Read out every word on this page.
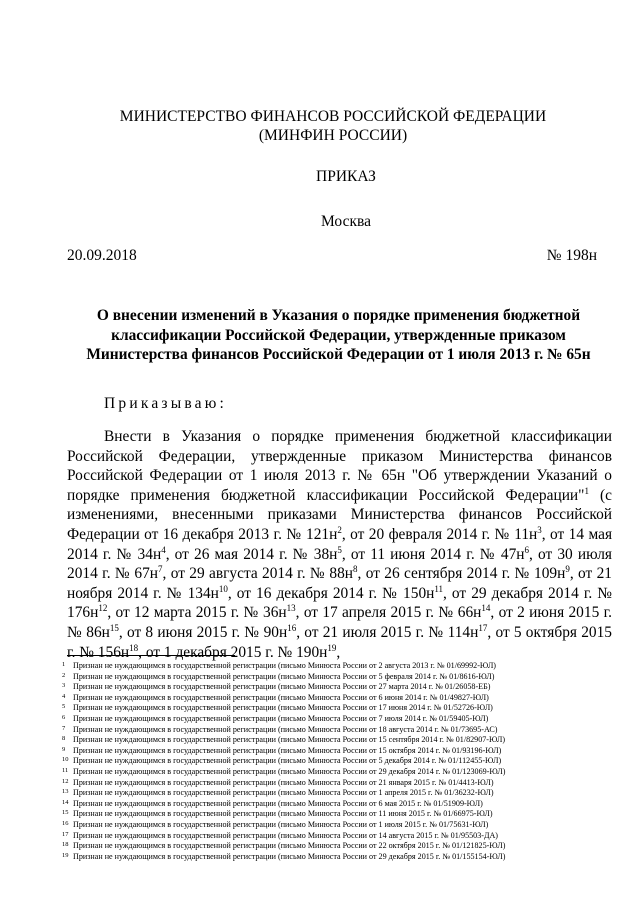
МИНИСТЕРСТВО ФИНАНСОВ РОССИЙСКОЙ ФЕДЕРАЦИИ
(МИНФИН РОССИИ)
ПРИКАЗ
Москва
20.09.2018	№ 198н
О внесении изменений в Указания о порядке применения бюджетной
классификации Российской Федерации, утвержденные приказом
Министерства финансов Российской Федерации от 1 июля 2013 г. № 65н
Приказываю:
Внести в Указания о порядке применения бюджетной классификации Российской Федерации, утвержденные приказом Министерства финансов Российской Федерации от 1 июля 2013 г. № 65н "Об утверждении Указаний о порядке применения бюджетной классификации Российской Федерации"$^1$ (с изменениями, внесенными приказами Министерства финансов Российской Федерации от 16 декабря 2013 г. № $121н^2$, от 20 февраля 2014 г. № $11н^3$, от 14 мая 2014 г. № $34н^4$, от 26 мая 2014 г. № $38н^5$, от 11 июня 2014 г. № $47н^6$, от 30 июля 2014 г. № $67н^7$, от 29 августа 2014 г. № $88н^8$, от 26 сентября 2014 г. № $109н^9$, от 21 ноября 2014 г. № $134н^{10}$, от 16 декабря 2014 г. № $150н^{11}$, от 29 декабря 2014 г. № $176н^{12}$, от 12 марта 2015 г. № $36н^{13}$, от 17 апреля 2015 г. № $66н^{14}$, от 2 июня 2015 г. № $86н^{15}$, от 8 июня 2015 г. № $90н^{16}$, от 21 июля 2015 г. № $114н^{17}$, от 5 октября 2015 г. № $156н^{18}$, от 1 декабря 2015 г. № $190н^{19}$,
1 Признан не нуждающимся в государственной регистрации (письмо Минюста России от 2 августа 2013 г. № 01/69992-ЮЛ)
2 Признан не нуждающимся в государственной регистрации (письмо Минюста России от 5 февраля 2014 г. № 01/8616-ЮЛ)
3 Признан не нуждающимся в государственной регистрации (письмо Минюста России от 27 марта 2014 г. № 01/26058-ЕБ)
4 Признан не нуждающимся в государственной регистрации (письмо Минюста России от 6 июня 2014 г. № 01/49827-ЮЛ)
5 Признан не нуждающимся в государственной регистрации (письмо Минюста России от 17 июня 2014 г. № 01/52726-ЮЛ)
6 Признан не нуждающимся в государственной регистрации (письмо Минюста России от 7 июля 2014 г. № 01/59405-ЮЛ)
7 Признан не нуждающимся в государственной регистрации (письмо Минюста России от 18 августа 2014 г. № 01/73695-АС)
8 Признан не нуждающимся в государственной регистрации (письмо Минюста России от 15 сентября 2014 г. № 01/82907-ЮЛ)
9 Признан не нуждающимся в государственной регистрации (письмо Минюста России от 15 октября 2014 г. № 01/93196-ЮЛ)
10 Признан не нуждающимся в государственной регистрации (письмо Минюста России от 5 декабря 2014 г. № 01/112455-ЮЛ)
11 Признан не нуждающимся в государственной регистрации (письмо Минюста России от 29 декабря 2014 г. № 01/123069-ЮЛ)
12 Признан не нуждающимся в государственной регистрации (письмо Минюста России от 21 января 2015 г. № 01/4413-ЮЛ)
13 Признан не нуждающимся в государственной регистрации (письмо Минюста России от 1 апреля 2015 г. № 01/36232-ЮЛ)
14 Признан не нуждающимся в государственной регистрации (письмо Минюста России от 6 мая 2015 г. № 01/51909-ЮЛ)
15 Признан не нуждающимся в государственной регистрации (письмо Минюста России от 11 июня 2015 г. № 01/66975-ЮЛ)
16 Признан не нуждающимся в государственной регистрации (письмо Минюста России от 1 июля 2015 г. № 01/75631-ЮЛ)
17 Признан не нуждающимся в государственной регистрации (письмо Минюста России от 14 августа 2015 г. № 01/95503-ДА)
18 Признан не нуждающимся в государственной регистрации (письмо Минюста России от 22 октября 2015 г. № 01/121825-ЮЛ)
19 Признан не нуждающимся в государственной регистрации (письмо Минюста России от 29 декабря 2015 г. № 01/155154-ЮЛ)
